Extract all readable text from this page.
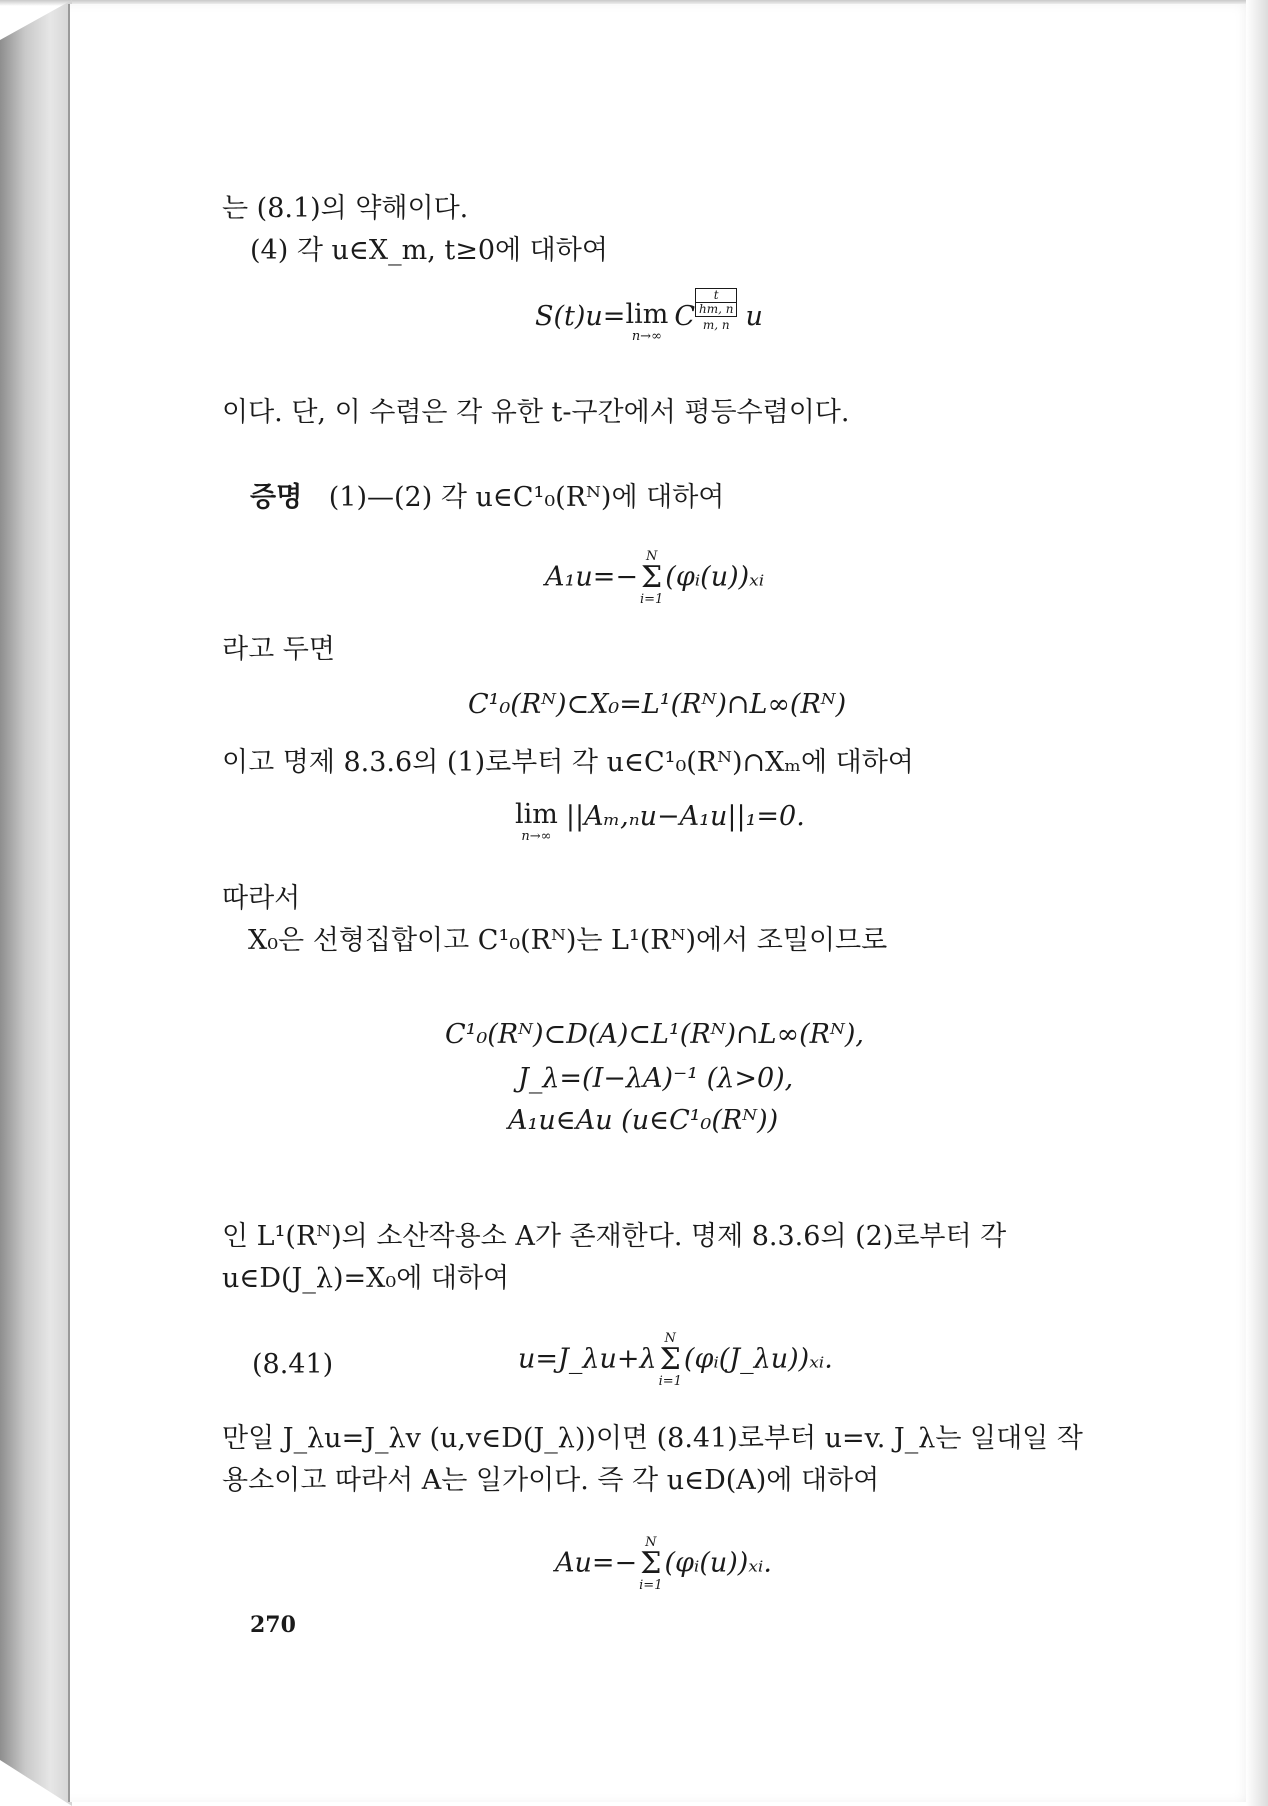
는 (8.1)의 약해이다.
(4) 각 u∈X_m, t≥0에 대하여
S(t)u= lim
n→∞
C
t
hm, n
m, n u
이다. 단, 이 수렴은 각 유한 t-구간에서 평등수렴이다.
증명 (1)—(2) 각 u∈C¹₀(Rᴺ)에 대하여
A₁u=−
N
Σ
i=1
(φᵢ(u))ₓᵢ
라고 두면
C¹₀(Rᴺ)⊂X₀=L¹(Rᴺ)∩L∞(Rᴺ)
이고 명제 8.3.6의 (1)로부터 각 u∈C¹₀(Rᴺ)∩Xₘ에 대하여
lim
n→∞
||Aₘ,ₙu−A₁u||₁=0.
따라서
X₀은 선형집합이고 C¹₀(Rᴺ)는 L¹(Rᴺ)에서 조밀이므로
C¹₀(Rᴺ)⊂D(A)⊂L¹(Rᴺ)∩L∞(Rᴺ),
J_λ=(I−λA)⁻¹ (λ>0),
A₁u∈Au (u∈C¹₀(Rᴺ))
인 L¹(Rᴺ)의 소산작용소 A가 존재한다. 명제 8.3.6의 (2)로부터 각
u∈D(J_λ)=X₀에 대하여
(8.41)	u=J_λu+λ
N
Σ
i=1
(φᵢ(J_λu))ₓᵢ.
만일 J_λu=J_λv (u,v∈D(J_λ))이면 (8.41)로부터 u=v. J_λ는 일대일 작
용소이고 따라서 A는 일가이다. 즉 각 u∈D(A)에 대하여
Au=−
N
Σ
i=1
(φᵢ(u))ₓᵢ.
270
